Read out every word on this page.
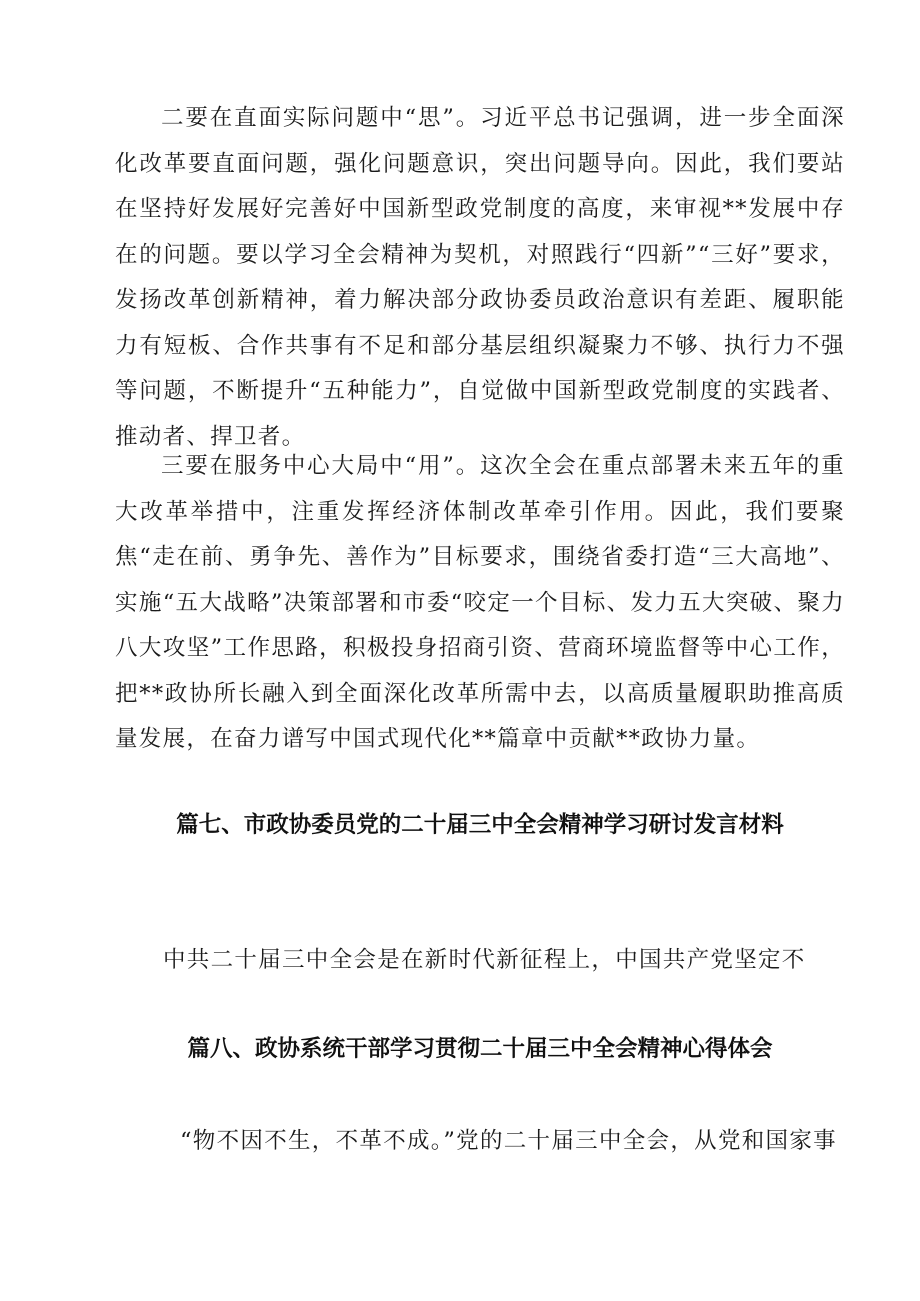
二要在直面实际问题中“思”。习近平总书记强调，进一步全面深化改革要直面问题，强化问题意识，突出问题导向。因此，我们要站在坚持好发展好完善好中国新型政党制度的高度，来审视**发展中存在的问题。要以学习全会精神为契机，对照践行“四新”“三好”要求，发扬改革创新精神，着力解决部分政协委员政治意识有差距、履职能力有短板、合作共事有不足和部分基层组织凝聚力不够、执行力不强等问题，不断提升“五种能力”，自觉做中国新型政党制度的实践者、推动者、捍卫者。

三要在服务中心大局中“用”。这次全会在重点部署未来五年的重大改革举措中，注重发挥经济体制改革牵引作用。因此，我们要聚焦“走在前、勇争先、善作为”目标要求，围绕省委打造“三大高地”、实施“五大战略”决策部署和市委“咬定一个目标、发力五大突破、聚力八大攻坚”工作思路，积极投身招商引资、营商环境监督等中心工作，把**政协所长融入到全面深化改革所需中去，以高质量履职助推高质量发展，在奋力谱写中国式现代化**篇章中贡献**政协力量。

篇七、市政协委员党的二十届三中全会精神学习研讨发言材料

中共二十届三中全会是在新时代新征程上，中国共产党坚定不

篇八、政协系统干部学习贯彻二十届三中全会精神心得体会

“物不因不生，不革不成。”党的二十届三中全会，从党和国家事
